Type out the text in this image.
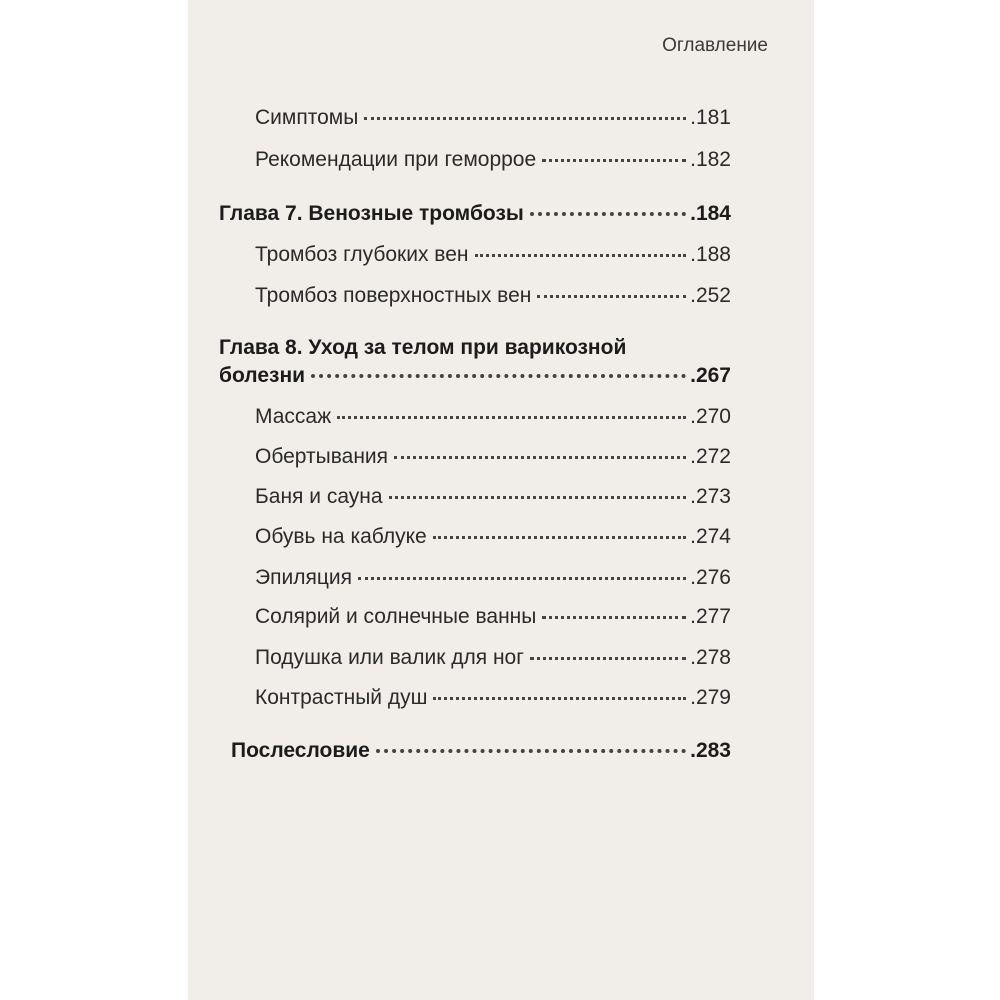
Оглавление
Симптомы	. 181
Рекомендации при геморрое	. 182
Глава 7. Венозные тромбозы	. 184
Тромбоз глубоких вен	. 188
Тромбоз поверхностных вен	. 252
Глава 8. Уход за телом при варикозной
болезни	. 267
Массаж	. 270
Обертывания	. 272
Баня и сауна	. 273
Обувь на каблуке	. 274
Эпиляция	. 276
Солярий и солнечные ванны	. 277
Подушка или валик для ног	. 278
Контрастный душ	. 279
Послесловие	. 283
